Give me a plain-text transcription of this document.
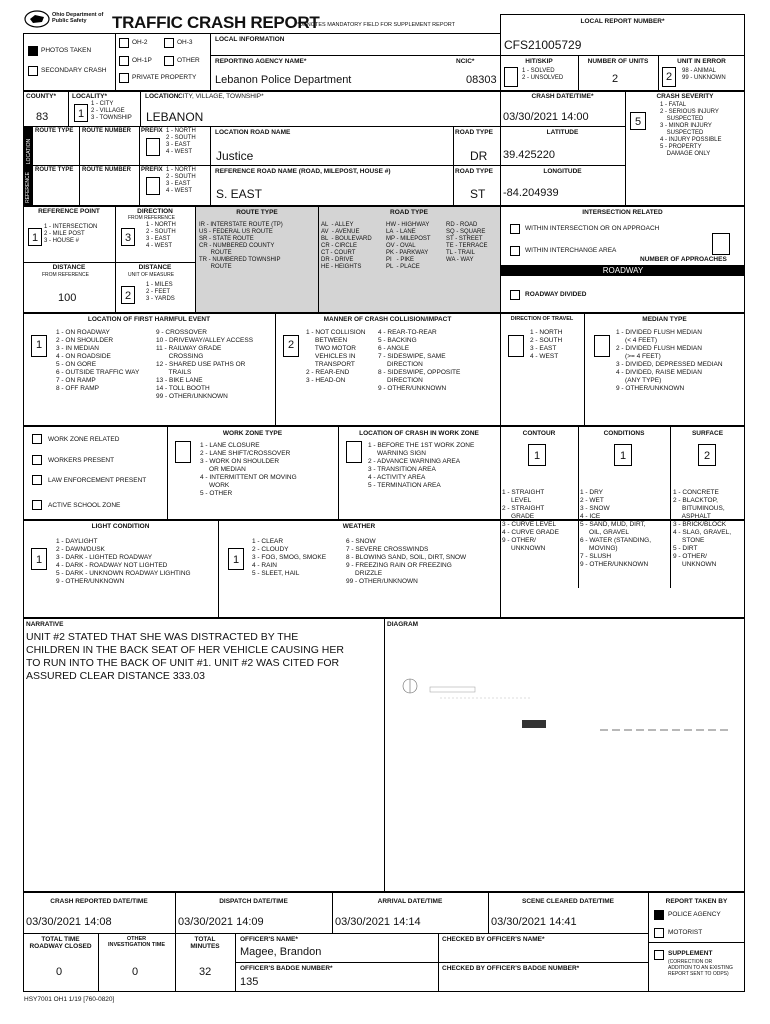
Ohio Department of Public Safety	TRAFFIC CRASH REPORT
*DENOTES MANDATORY FIELD FOR SUPPLEMENT REPORT	LOCAL REPORT NUMBER*
CFS21005729
PHOTOS TAKEN
SECONDARY CRASH
OH-2	OH-3
OH-1P	OTHER
PRIVATE PROPERTY
LOCAL INFORMATION
REPORTING AGENCY NAME*
Lebanon Police Department
NCIC*
08303
HIT/SKIP
1 - SOLVED
2 - UNSOLVED
NUMBER OF UNITS
2
UNIT IN ERROR
2	98 - ANIMAL
99 - UNKNOWN
COUNTY*
83
LOCALITY*
1
1 - CITY
2 - VILLAGE
3 - TOWNSHIP
LOCATION:
CITY, VILLAGE, TOWNSHIP*
LEBANON
CRASH DATE/TIME*
03/30/2021 14:00
CRASH SEVERITY
5
1 - FATAL
2 - SERIOUS INJURY
SUSPECTED
3 - MINOR INJURY
SUSPECTED
4 - INJURY POSSIBLE
5 - PROPERTY
DAMAGE ONLY
LOCATION
REFERENCE
ROUTE TYPE ROUTE NUMBER PREFIX 1 - NORTH
2 - SOUTH
3 - EAST
4 - WEST
LOCATION ROAD NAME
Justice
ROAD TYPE
DR
LATITUDE
39.425220
ROUTE TYPE ROUTE NUMBER PREFIX 1 - NORTH
2 - SOUTH
3 - EAST
4 - WEST
REFERENCE ROAD NAME (ROAD, MILEPOST, HOUSE #)
S. EAST
ROAD TYPE
ST
LONGITUDE
-84.204939
REFERENCE POINT
1
1 - INTERSECTION
2 - MILE POST
3 - HOUSE #
DIRECTION
FROM REFERENCE
3
1 - NORTH
2 - SOUTH
3 - EAST
4 - WEST
DISTANCE
FROM REFERENCE
100
DISTANCE
UNIT OF MEASURE
2
1 - MILES
2 - FEET
3 - YARDS
ROUTE TYPE
IR - INTERSTATE ROUTE (TP)
US - FEDERAL US ROUTE
SR - STATE ROUTE
CR - NUMBERED COUNTY
ROUTE
TR - NUMBERED TOWNSHIP
ROUTE
ROAD TYPE
AL  - ALLEY
AV  - AVENUE
BL  - BOULEVARD
CR - CIRCLE
CT - COURT
DR - DRIVE
HE - HEIGHTS
HW - HIGHWAY
LA  - LANE
MP - MILEPOST
OV - OVAL
PK - PARKWAY
PI   - PIKE
PL  - PLACE
RD - ROAD
SQ - SQUARE
ST - STREET
TE - TERRACE
TL - TRAIL
WA - WAY
INTERSECTION RELATED
WITHIN INTERSECTION OR ON APPROACH
WITHIN INTERCHANGE AREA
NUMBER OF APPROACHES
ROADWAY
ROADWAY DIVIDED
LOCATION OF FIRST HARMFUL EVENT
1
1 - ON ROADWAY
2 - ON SHOULDER
3 - IN MEDIAN
4 - ON ROADSIDE
5 - ON GORE
6 - OUTSIDE TRAFFIC WAY
7 - ON RAMP
8 - OFF RAMP
9 - CROSSOVER
10 - DRIVEWAY/ALLEY ACCESS
11 - RAILWAY GRADE
CROSSING
12 - SHARED USE PATHS OR
TRAILS
13 - BIKE LANE
14 - TOLL BOOTH
99 - OTHER/UNKNOWN
MANNER OF CRASH COLLISION/IMPACT
2
1 - NOT COLLISION
BETWEEN
TWO MOTOR
VEHICLES IN
TRANSPORT
2 - REAR-END
3 - HEAD-ON
4 - REAR-TO-REAR
5 - BACKING
6 - ANGLE
7 - SIDESWIPE, SAME
DIRECTION
8 - SIDESWIPE, OPPOSITE
DIRECTION
9 - OTHER/UNKNOWN
DIRECTION OF TRAVEL
1 - NORTH
2 - SOUTH
3 - EAST
4 - WEST
MEDIAN TYPE
1 - DIVIDED FLUSH MEDIAN
(< 4 FEET)
2 - DIVIDED FLUSH MEDIAN
(>= 4 FEET)
3 - DIVIDED, DEPRESSED MEDIAN
4 - DIVIDED, RAISE MEDIAN
(ANY TYPE)
9 - OTHER/UNKNOWN
WORK ZONE RELATED
WORKERS PRESENT
LAW ENFORCEMENT PRESENT
ACTIVE SCHOOL ZONE
WORK ZONE TYPE
1 - LANE CLOSURE
2 - LANE SHIFT/CROSSOVER
3 - WORK ON SHOULDER
OR MEDIAN
4 - INTERMITTENT OR MOVING
WORK
5 - OTHER
LOCATION OF CRASH IN WORK ZONE
1 - BEFORE THE 1ST WORK ZONE
WARNING SIGN
2 - ADVANCE WARNING AREA
3 - TRANSITION AREA
4 - ACTIVITY AREA
5 - TERMINATION AREA
CONTOUR
1
CONDITIONS
1
SURFACE
2
1 - STRAIGHT
LEVEL
2 - STRAIGHT
GRADE
3 - CURVE LEVEL
4 - CURVE GRADE
9 - OTHER/
UNKNOWN
1 - DRY
2 - WET
3 - SNOW
4 - ICE
5 - SAND, MUD, DIRT,
OIL, GRAVEL
6 - WATER (STANDING,
MOVING)
7 - SLUSH
9 - OTHER/UNKNOWN
1 - CONCRETE
2 - BLACKTOP,
BITUMINOUS,
ASPHALT
3 - BRICK/BLOCK
4 - SLAG, GRAVEL,
STONE
5 - DIRT
9 - OTHER/
UNKNOWN
LIGHT CONDITION
1
1 - DAYLIGHT
2 - DAWN/DUSK
3 - DARK - LIGHTED ROADWAY
4 - DARK - ROADWAY NOT LIGHTED
5 - DARK - UNKNOWN ROADWAY LIGHTING
9 - OTHER/UNKNOWN
WEATHER
1
1 - CLEAR
2 - CLOUDY
3 - FOG, SMOG, SMOKE
4 - RAIN
5 - SLEET, HAIL
6 - SNOW
7 - SEVERE CROSSWINDS
8 - BLOWING SAND, SOIL, DIRT, SNOW
9 - FREEZING RAIN OR FREEZING
DRIZZLE
99 - OTHER/UNKNOWN
NARRATIVE
UNIT #2 STATED THAT SHE WAS DISTRACTED BY THE
CHILDREN IN THE BACK SEAT OF HER VEHICLE CAUSING HER
TO RUN INTO THE BACK OF UNIT #1. UNIT #2 WAS CITED FOR
ASSURED CLEAR DISTANCE 333.03
DIAGRAM
CRASH REPORTED DATE/TIME
03/30/2021 14:08
DISPATCH DATE/TIME
03/30/2021 14:09
ARRIVAL DATE/TIME
03/30/2021 14:14
SCENE CLEARED DATE/TIME
03/30/2021 14:41
TOTAL TIME
ROADWAY CLOSED
0
OTHER
INVESTIGATION TIME
0
TOTAL
MINUTES
32
OFFICER'S NAME*
Magee, Brandon
CHECKED BY OFFICER'S NAME*
OFFICER'S BADGE NUMBER*
135
CHECKED BY OFFICER'S BADGE NUMBER*
REPORT TAKEN BY
POLICE AGENCY
MOTORIST
SUPPLEMENT
(CORRECTION OR
ADDITION TO AN EXISTING
REPORT SENT TO ODPS)
HSY7001 OH1 1/19 [760-0820]
